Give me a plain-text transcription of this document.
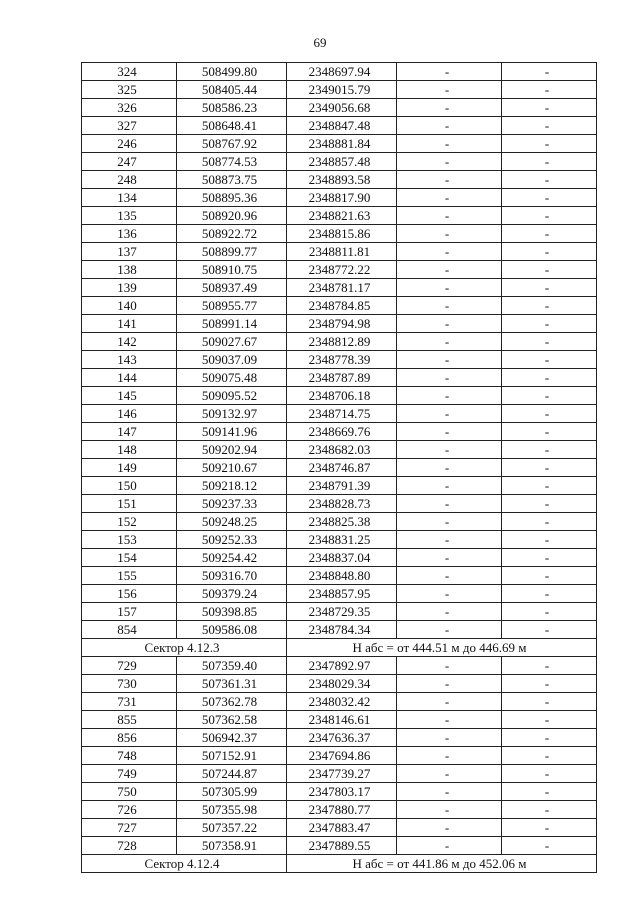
69
324	508499.80	2348697.94	-	-
325	508405.44	2349015.79	-	-
326	508586.23	2349056.68	-	-
327	508648.41	2348847.48	-	-
246	508767.92	2348881.84	-	-
247	508774.53	2348857.48	-	-
248	508873.75	2348893.58	-	-
134	508895.36	2348817.90	-	-
135	508920.96	2348821.63	-	-
136	508922.72	2348815.86	-	-
137	508899.77	2348811.81	-	-
138	508910.75	2348772.22	-	-
139	508937.49	2348781.17	-	-
140	508955.77	2348784.85	-	-
141	508991.14	2348794.98	-	-
142	509027.67	2348812.89	-	-
143	509037.09	2348778.39	-	-
144	509075.48	2348787.89	-	-
145	509095.52	2348706.18	-	-
146	509132.97	2348714.75	-	-
147	509141.96	2348669.76	-	-
148	509202.94	2348682.03	-	-
149	509210.67	2348746.87	-	-
150	509218.12	2348791.39	-	-
151	509237.33	2348828.73	-	-
152	509248.25	2348825.38	-	-
153	509252.33	2348831.25	-	-
154	509254.42	2348837.04	-	-
155	509316.70	2348848.80	-	-
156	509379.24	2348857.95	-	-
157	509398.85	2348729.35	-	-
854	509586.08	2348784.34	-	-
Сектор 4.12.3		Н абс = от 444.51 м до 446.69 м		
729	507359.40	2347892.97	-	-
730	507361.31	2348029.34	-	-
731	507362.78	2348032.42	-	-
855	507362.58	2348146.61	-	-
856	506942.37	2347636.37	-	-
748	507152.91	2347694.86	-	-
749	507244.87	2347739.27	-	-
750	507305.99	2347803.17	-	-
726	507355.98	2347880.77	-	-
727	507357.22	2347883.47	-	-
728	507358.91	2347889.55	-	-
Сектор 4.12.4		Н абс = от 441.86 м до 452.06 м		
